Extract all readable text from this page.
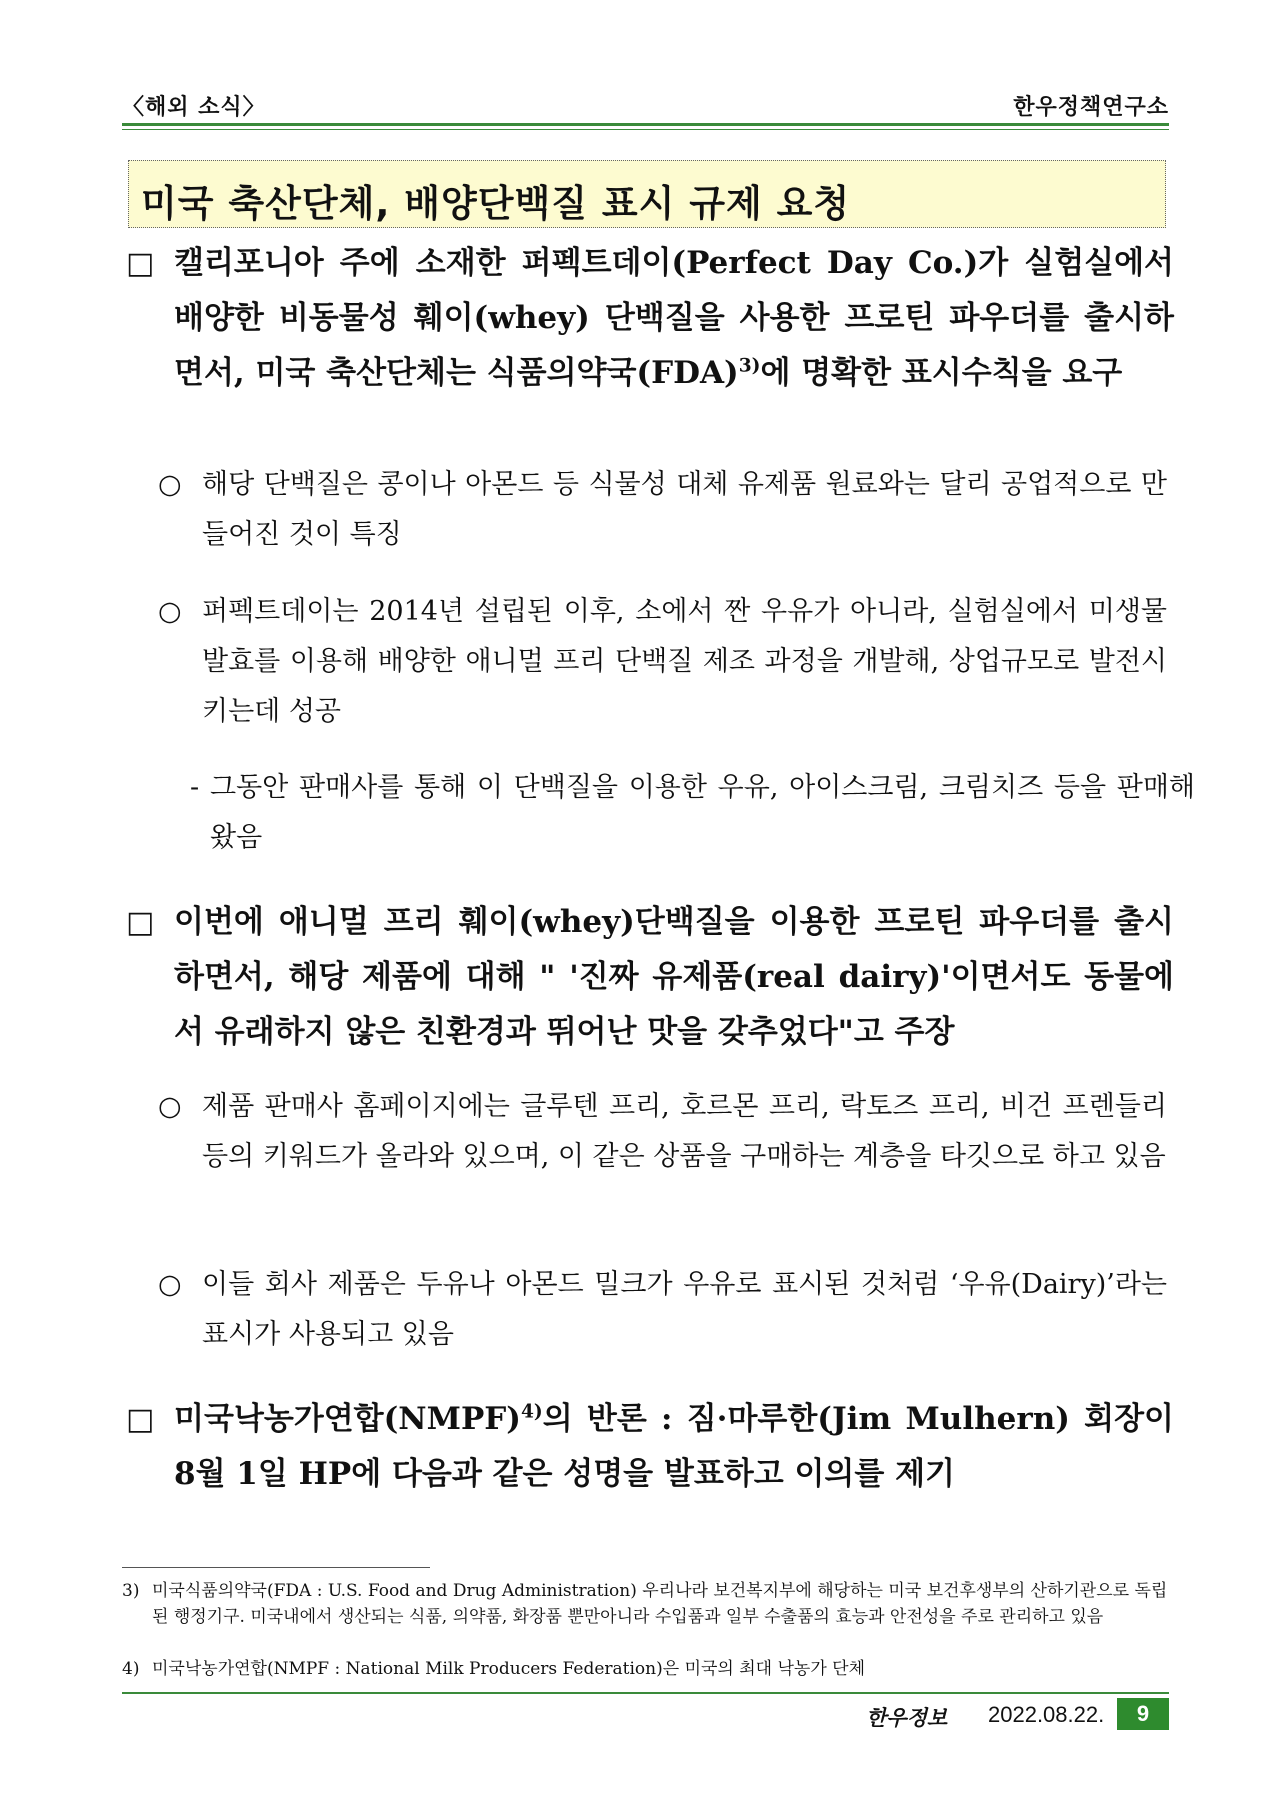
〈해외 소식〉	한우정책연구소
미국 축산단체, 배양단백질 표시 규제 요청
□ 캘리포니아 주에 소재한 퍼펙트데이(Perfect Day Co.)가 실험실에서 배양한 비동물성 훼이(whey) 단백질을 사용한 프로틴 파우더를 출시하면서, 미국 축산단체는 식품의약국(FDA)$^{3)}$에 명확한 표시수칙을 요구
○ 해당 단백질은 콩이나 아몬드 등 식물성 대체 유제품 원료와는 달리 공업적으로 만들어진 것이 특징
○ 퍼펙트데이는 2014년 설립된 이후, 소에서 짠 우유가 아니라, 실험실에서 미생물 발효를 이용해 배양한 애니멀 프리 단백질 제조 과정을 개발해, 상업규모로 발전시키는데 성공
- 그동안 판매사를 통해 이 단백질을 이용한 우유, 아이스크림, 크림치즈 등을 판매해 왔음
□ 이번에 애니멀 프리 훼이(whey)단백질을 이용한 프로틴 파우더를 출시하면서, 해당 제품에 대해 " '진짜 유제품(real dairy)'이면서도 동물에서 유래하지 않은 친환경과 뛰어난 맛을 갖추었다"고 주장
○ 제품 판매사 홈페이지에는 글루텐 프리, 호르몬 프리, 락토즈 프리, 비건 프렌들리 등의 키워드가 올라와 있으며, 이 같은 상품을 구매하는 계층을 타깃으로 하고 있음
○ 이들 회사 제품은 두유나 아몬드 밀크가 우유로 표시된 것처럼 ‘우유(Dairy)’라는 표시가 사용되고 있음
□ 미국낙농가연합(NMPF)$^{4)}$의 반론 : 짐·마루한(Jim Mulhern) 회장이 8월 1일 HP에 다음과 같은 성명을 발표하고 이의를 제기
3) 미국식품의약국(FDA : U.S. Food and Drug Administration) 우리나라 보건복지부에 해당하는 미국 보건후생부의 산하기관으로 독립된 행정기구. 미국내에서 생산되는 식품, 의약품, 화장품 뿐만아니라 수입품과 일부 수출품의 효능과 안전성을 주로 관리하고 있음
4) 미국낙농가연합(NMPF : National Milk Producers Federation)은 미국의 최대 낙농가 단체
한우정보 2022.08.22.	9
